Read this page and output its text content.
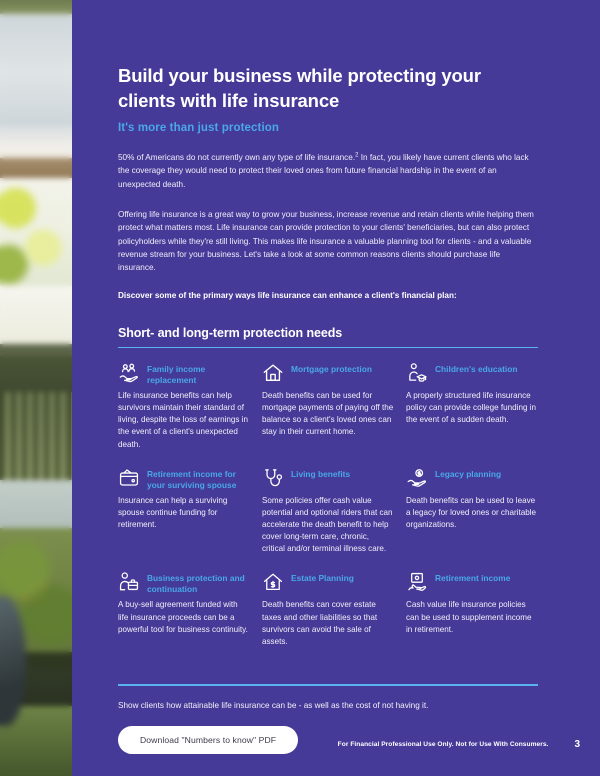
Build your business while protecting your clients with life insurance
It's more than just protection

50% of Americans do not currently own any type of life insurance.$^2$ In fact, you likely have current clients who lack the coverage they would need to protect their loved ones from future financial hardship in the event of an unexpected death.

Offering life insurance is a great way to grow your business, increase revenue and retain clients while helping them protect what matters most. Life insurance can provide protection to your clients' beneficiaries, but can also protect policyholders while they're still living. This makes life insurance a valuable planning tool for clients - and a valuable revenue stream for your business. Let's take a look at some common reasons clients should purchase life insurance.

Discover some of the primary ways life insurance can enhance a client's financial plan:

Short- and long-term protection needs
Family income replacement

Life insurance benefits can help survivors maintain their standard of living, despite the loss of earnings in the event of a client's unexpected death.

Mortgage protection

Death benefits can be used for mortgage payments of paying off the balance so a client's loved ones can stay in their current home.

Children's education

A properly structured life insurance policy can provide college funding in the event of a sudden death.

Retirement income for your surviving spouse

Insurance can help a surviving spouse continue funding for retirement.

Living benefits

Some policies offer cash value potential and optional riders that can accelerate the death benefit to help cover long-term care, chronic, critical and/or terminal illness care.

Legacy planning

Death benefits can be used to leave a legacy for loved ones or charitable organizations.

Business protection and continuation

A buy-sell agreement funded with life insurance proceeds can be a powerful tool for business continuity.

Estate Planning

Death benefits can cover estate taxes and other liabilities so that survivors can avoid the sale of assets.

Retirement income

Cash value life insurance policies can be used to supplement income in retirement.

Show clients how attainable life insurance can be - as well as the cost of not having it.

Download "Numbers to know" PDF	For Financial Professional Use Only. Not for Use With Consumers.	3
